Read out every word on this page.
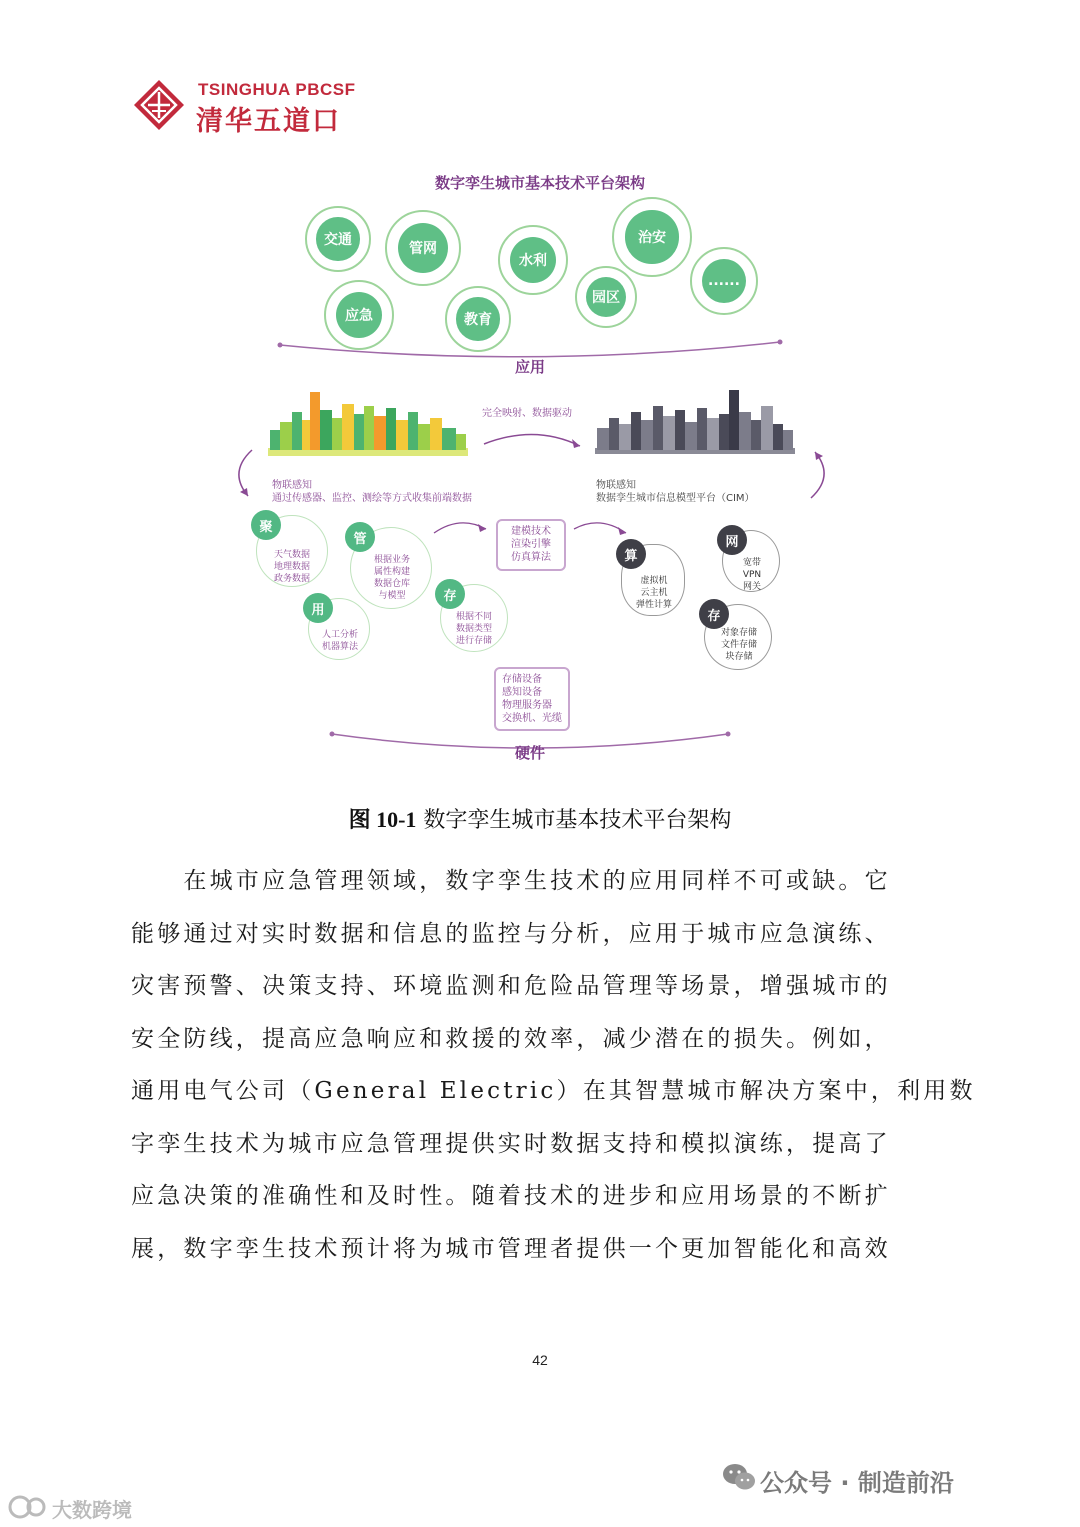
TSINGHUA PBCSF
清华五道口
数字孪生城市基本技术平台架构
交通
管网
水利
治安
应急	教育
园区
......
应用
完全映射、数据驱动
物联感知
通过传感器、监控、测绘等方式收集前端数据
物联感知
数据孪生城市信息模型平台（CIM）
聚
天气数据
地理数据
政务数据
管
根据业务
属性构建
数据仓库
与模型
用
人工分析
机器算法
存
根据不同
数据类型
进行存储
建模技术
渲染引擎
仿真算法	算
虚拟机
云主机
弹性计算
网
宽带
VPN
网关
存
对象存储
文件存储
块存储
存储设备
感知设备
物理服务器
交换机、光缆
硬件
图 10-1 数字孪生城市基本技术平台架构
　　在城市应急管理领域，数字孪生技术的应用同样不可或缺。它
能够通过对实时数据和信息的监控与分析，应用于城市应急演练、
灾害预警、决策支持、环境监测和危险品管理等场景，增强城市的
安全防线，提高应急响应和救援的效率，减少潜在的损失。例如，
通用电气公司（General Electric）在其智慧城市解决方案中，利用数
字孪生技术为城市应急管理提供实时数据支持和模拟演练，提高了
应急决策的准确性和及时性。随着技术的进步和应用场景的不断扩
展，数字孪生技术预计将为城市管理者提供一个更加智能化和高效
42
公众号 · 制造前沿
大数跨境
